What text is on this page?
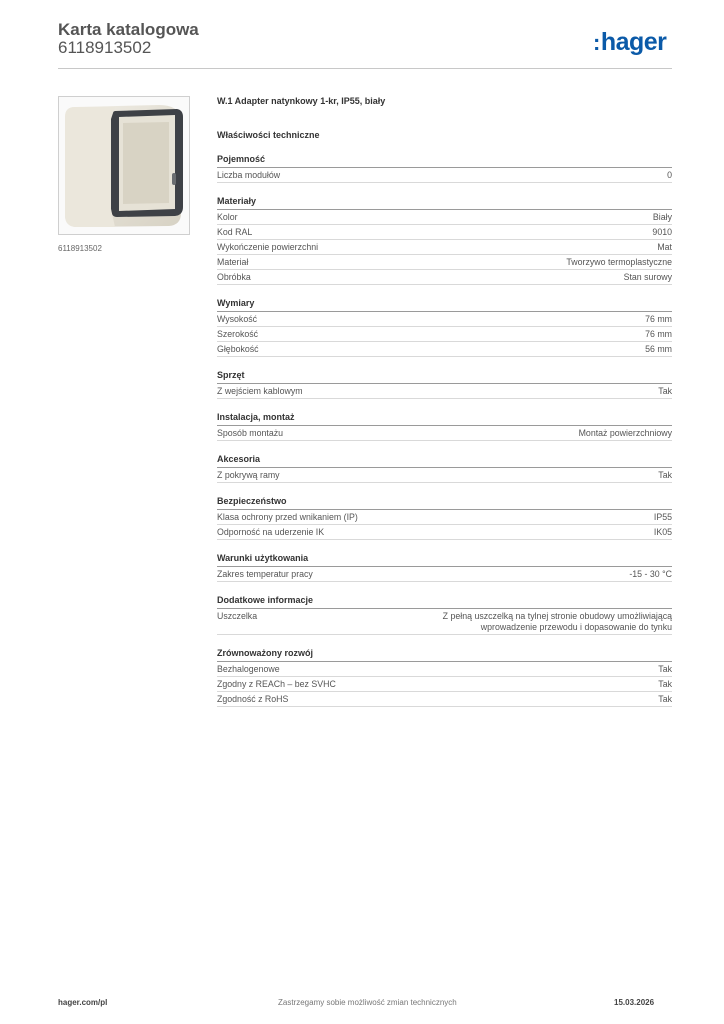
Karta katalogowa
6118913502	:hager
6118913502
W.1 Adapter natynkowy 1-kr, IP55, biały
Właściwości techniczne
Pojemność
Liczba modułów	0
Materiały
Kolor	Biały
Kod RAL	9010
Wykończenie powierzchni	Mat
Materiał	Tworzywo termoplastyczne
Obróbka	Stan surowy
Wymiary
Wysokość	76 mm
Szerokość	76 mm
Głębokość	56 mm
Sprzęt
Z wejściem kablowym	Tak
Instalacja, montaż
Sposób montażu	Montaż powierzchniowy
Akcesoria
Z pokrywą ramy	Tak
Bezpieczeństwo
Klasa ochrony przed wnikaniem (IP)	IP55
Odporność na uderzenie IK	IK05
Warunki użytkowania
Zakres temperatur pracy	-15 - 30 °C
Dodatkowe informacje
Uszczelka	Z pełną uszczelką na tylnej stronie obudowy umożliwiającą wprowadzenie przewodu i dopasowanie do tynku
Zrównoważony rozwój
Bezhalogenowe	Tak
Zgodny z REACh – bez SVHC	Tak
Zgodność z RoHS	Tak
hager.com/pl	Zastrzegamy sobie możliwość zmian technicznych	15.03.2026
